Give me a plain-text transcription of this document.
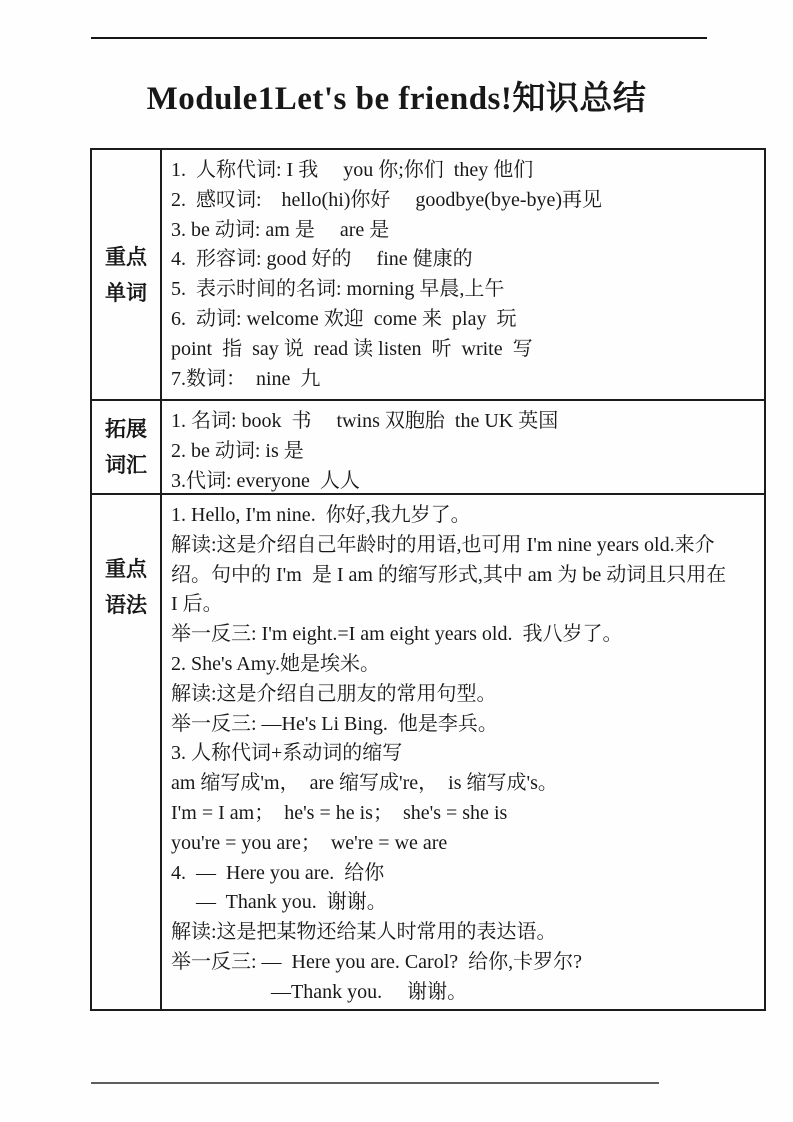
Module1Let's be friends!知识总结
重点
单词
1.  人称代词: I 我　 you 你;你们  they 他们
2.  感叹词:　hello(hi)你好　 goodbye(bye-bye)再见
3. be 动词: am 是　 are 是
4.  形容词: good 好的　 fine 健康的
5.  表示时间的名词: morning 早晨,上午
6.  动词: welcome 欢迎  come 来  play  玩
point  指  say 说  read 读 listen  听  write  写
7.数词：  nine  九
拓展
词汇
1. 名词: book  书　 twins 双胞胎  the UK 英国
2. be 动词: is 是
3.代词: everyone  人人
重点
语法
1. Hello, I'm nine.  你好,我九岁了。
解读:这是介绍自己年龄时的用语,也可用 I'm nine years old.来介
绍。句中的 I'm  是 I am 的缩写形式,其中 am 为 be 动词且只用在
I 后。
举一反三: I'm eight.=I am eight years old.  我八岁了。
2. She's Amy.她是埃米。
解读:这是介绍自己朋友的常用句型。
举一反三: —He's Li Bing.  他是李兵。
3. 人称代词+系动词的缩写
am 缩写成'm，  are 缩写成're，  is 缩写成's。
I'm = I am；  he's = he is；  she's = she is
you're = you are；  we're = we are
4.  —  Here you are.  给你
　 —  Thank you.  谢谢。
解读:这是把某物还给某人时常用的表达语。
举一反三: —  Here you are. Carol?  给你,卡罗尔?
　　　　　—Thank you.　 谢谢。
